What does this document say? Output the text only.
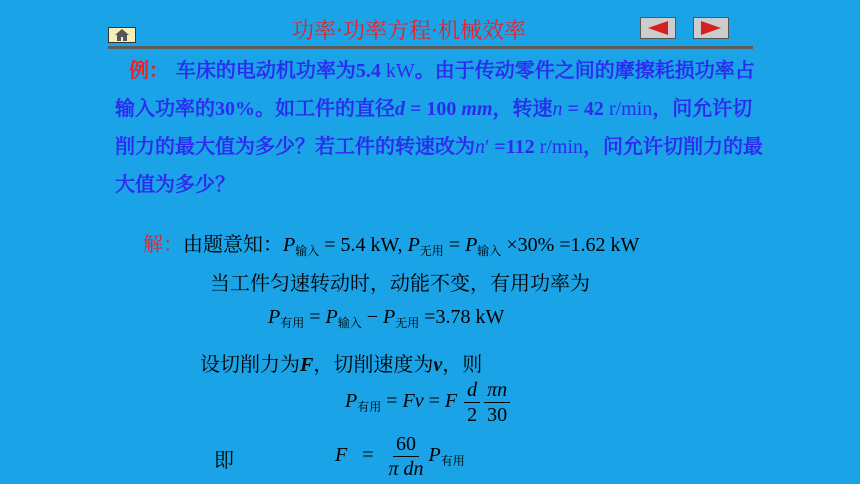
功率·功率方程·机械效率

例： 车床的电动机功率为5.4 kW。由于传动零件之间的摩擦耗损功率占输入功率的30%。如工件的直径d = 100 mm，转速n = 42 r/min，问允许切削力的最大值为多少？若工件的转速改为n′ =112 r/min，问允许切削力的最大值为多少？

解：由题意知：$P_{输入} = 5.4$ kW, $P_{无用} = P_{输入} \times 30\% =1.62$ kW
当工件匀速转动时，动能不变，有用功率为
$P_{有用} = P_{输入} - P_{无用} =3.78$ kW
设切削力为F，切削速度为v，则
$P_{有用} = Fv = F \frac{d}{2} \frac{\pi n}{30}$
即	$F = \frac{60}{\text{π dn}} P_{有用}$
